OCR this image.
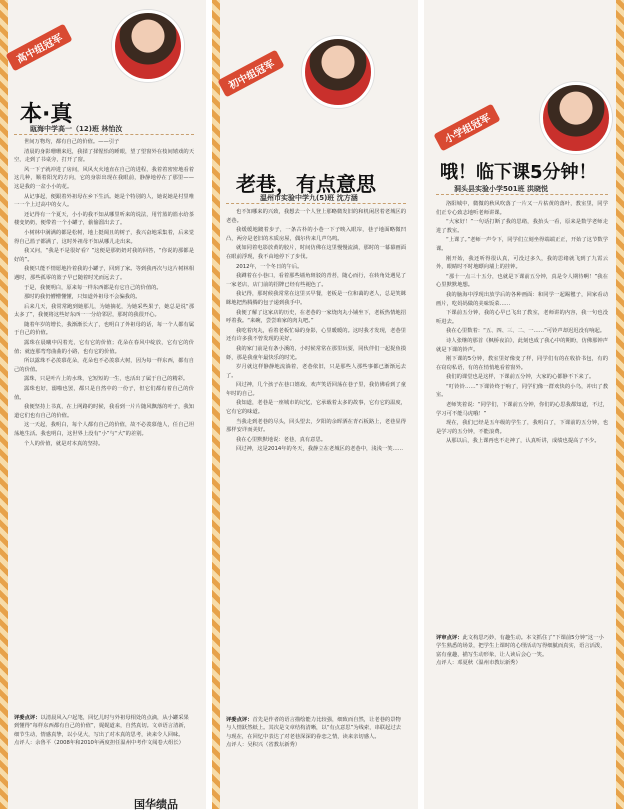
高中组冠军
本·真
瓯海中学高一（12)班 林怡汝

世间万物均，都有自己的价值。——引子

清晨的身影珊珊来迟，我揉了揉惺忪的睡眼，望了望窗外在枝间嬉戏的天空，走到了书桌旁，打开了窗。

风一下子就冲进了房间，风风火火地直在自己的进程，我着着密密地看着这几种，顺着阳光的方向，它的身影出现在我眼前，静静地停在了那里——这是我的一盆小小的花。

从记事起，便跟着外祖母在乡下生活。她是个特别的人，她说她是村里唯一一个上过高中的女人。

还记得有一个夏天，小小的我不知从哪里听来的说法，用竹篮的篮水给茶楼变奶奶，便带着一个小罐子，偷偷溜出去了。

小树林中满满的都是松树，地上挺阔且的树子，我兴奋地采集着，后来觉得自己篮子都满了，这时外祖母不知从哪儿走出来。

我又问，“我是不是很好看？”这便是那奶奶对我的回答，“你说的那都是好的”。

我便只能不情愿地拎着我的小罐子，回到了家。等到我再次与这片树林相遇时，那些孤零的篮子早已随着时光而远去了。

于是，我便明白，原来每一样东西都是有它自己的价值的。

那时的我仍懵懵懂懂，只知道外祖母不会骗我的。

后来几天，我常常跑到她那儿，为她摘花，为她采些果子，她总是说“那太多了”，我便将这些好东西一一分给邻居，那时的我很开心。

随着年岁的增长，我渐渐长大了，也明白了外祖母的话，每一个人都有属于自己的价值。

露珠在晨曦中闪着光，它有它的价值；花朵在春风中绽放，它有它的价值；就连那弯弯曲曲的小路，也有它的价值。

所以露珠不必羡慕花朵，花朵也不必羡慕大树，因为每一样东西，都有自己的价值。

露珠，只是叶片上的水珠，它短短的一生，也活出了属于自己的精彩。

露珠也好，溺啪也罢，都只是自然中的一份子，但它们都有着自己的价值。

我便坚持上书真，在上网路的时候，我看到一片片随风飘落的叶子，我知道它们也有自己的价值。

这一天起，我明白，每个人都有自己的价值，故不必羡慕他人，任自己坦荡地生活。我也明白，这世界上没有“小”与“大”的差别。

个人的价值，就是对本真的坚持。

评委点评：以清晨风入户起笔，回忆儿时与外祖母相处的点滴，从小罐采果到懂得“每样东西都有自己的价值”，娓娓道来，自然真切。文章语言清新，细节生动，情感真挚，以小见大，写出了对本真的思考，读来令人回味。
点评人：余鲁平（2008年和2010年两度担任温州中考作文阅卷大组长）
初中组冠军
老巷，有点意思
温州市实验中学九(5)班 沈方涵

也不知哪来的兴致，我想去一个人登上那略微发旧的和机闲居着老城区的老巷。

我缓缓地踱着步子，一条古朴的小巷一下子映入眼帘，巷子地面略微凹凸，两旁是老旧的木质房屋，偶尔传来几声鸟鸣。

就如同着电影放黄的胶片，时间仿佛在这里慢慢流淌，那时的一幕幕画面在眼前浮现，我不由地停下了步伐。

2012年，一个冬日的午后。

我蹲着在小巷口，看着那些墙角斑驳的青苔，随心而行，在转角处遇见了一家老店，店门前的招牌已经有些褪色了。

我记得，那时候我常常在这里买早餐，老板是一位和蔼的老人，总是笑眯眯地把热腾腾的包子递到我手中。

我便了解了这家店的历史，在老巷的一家烧肉丸小铺坐下，老板热情地招呼着我。“来碗，尝尝咱家的肉丸吧。”

我吃着肉丸，看着老板忙碌的身影，心里暖暖的。这时我才发现，老巷里还有许多我不曾发现的美好。

我的家门前是有条小溪的，小时候常常在那里玩耍，同伙伴们一起捉鱼摸虾，那是我童年最快乐的时光。

岁月就这样静静地流淌着，老巷依旧，只是那些人那些事都已渐渐远去了。

回过神，几个孩子在巷口嬉戏，欢声笑语回荡在巷子里，我仿佛看到了童年时的自己。

我知道，老巷是一座城市的记忆，它承载着太多的故事，它有它的温度，它有它的味道。

当我走到老巷的尽头，回头望去，夕阳的余晖洒在青石板路上，老巷显得那样安详而美好。

我在心里默默地说：老巷，真有意思。

回过神，这是2014年的冬天，我静立在老城区的老巷中，浅浅一笑……

评委点评：首先是作者的语言描绘能力比较强，细致而自然，让老巷的景物与人情跃然纸上。其次是文章结构清晰，以“有点意思”为线索，串联起过去与现在，在回忆中表达了对老巷深深的眷恋之情，读来亲切感人。
点评人：吴积兴（省教坛新秀）
小学组冠军
哦！临下课5分钟！
洞头县实验小学501班 洪晓悦

洛阳城中，微微的秋风吹落了一片又一片枯黄的落叶，教室里，同学们正专心致志地听老师讲课。

“大家好！”一句话打断了我的思绪，我抬头一看，原来是数学老师走进了教室。

“上课了。”老师一声令下，同学们立刻坐得端端正正，开始了这节数学课。

刚开始，我还听得很认真，可没过多久，我的思绪就飞到了九霄云外，眼睛时不时地瞟向墙上的挂钟。

“那十一点三十五分，也就是下课前五分钟，真是令人期待啊！”我在心里默默地想。

我的脑海中浮现出放学后的各种画面：和同学一起踢毽子，回家看动画片，吃妈妈做的美味饭菜……

下课前五分钟，我的心早已飞出了教室，老师讲的内容，我一句也没听进去。

我在心里数着：“五、四、三、二、一……”可铃声却迟迟没有响起。

诗人张继的那首《枫桥夜泊》，此刻也成了我心中的期盼，仿佛那钟声就是下课的铃声。

刚下课的5分钟，教室里好像变了样，同学们有的在收拾书包，有的在窃窃私语，有的在悄悄地看着窗外。

我们的课堂也是这样，下课前五分钟，大家的心都静不下来了。

“叮铃铃……”下课铃终于响了，同学们像一群欢快的小鸟，冲出了教室。

老师笑着说：“同学们，下课前五分钟，你们的心思我都知道，不过，学习可不能马虎哦！”

现在，我们已经是五年级的学生了，我明白了，下课前的五分钟，也是学习的五分钟，不能浪费。

从那以后，我上课再也不走神了，认真听讲，成绩也提高了不少。

评审点评：此文构思巧妙，有趣生动。本文抓住了“下课前5分钟”这一小学生熟悉的场景，把学生上课时的心理活动写得细腻而真实，语言活泼，富有童趣，描写生动形象，让人读后会心一笑。
点评人：邓夏秋（温州市教坛新秀）
国华绩品
